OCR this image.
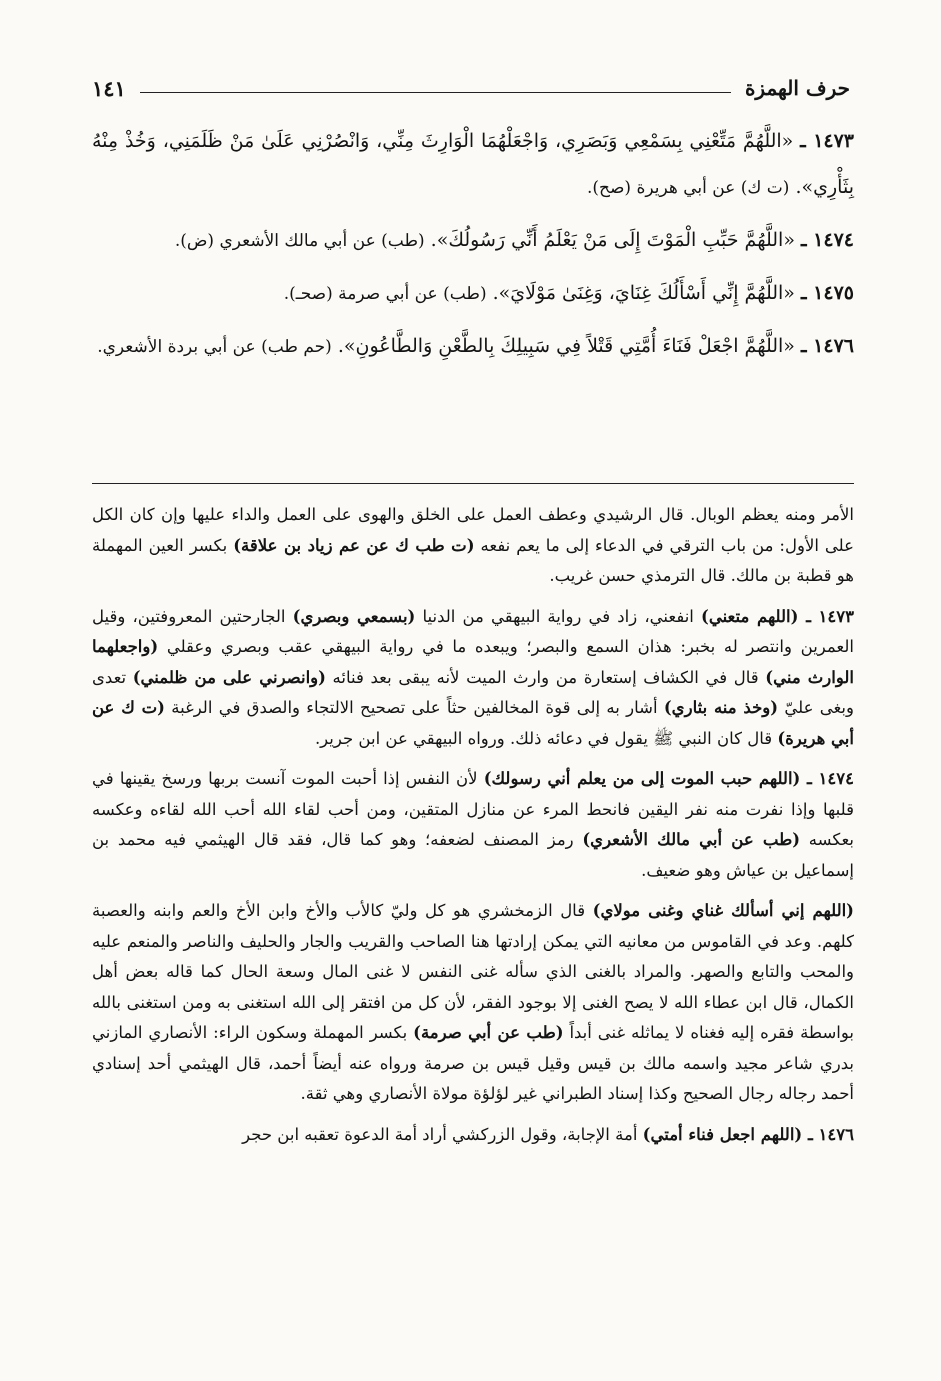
حرف الهمزة
١٤١

١٤٧٣ ـ «اللَّهُمَّ مَتِّعْنِي بِسَمْعِي وَبَصَرِي، وَاجْعَلْهُمَا الْوَارِثَ مِنِّي، وَانْصُرْنِي عَلَىٰ مَنْ ظَلَمَنِي، وَخُذْ مِنْهُ بِثَأْرِي». (ت ك) عن أبي هريرة (صح).

١٤٧٤ ـ «اللَّهُمَّ حَبِّبِ الْمَوْتَ إِلَى مَنْ يَعْلَمُ أَنِّي رَسُولُكَ». (طب) عن أبي مالك الأشعري (ض).

١٤٧٥ ـ «اللَّهُمَّ إِنِّي أَسْأَلُكَ غِنَايَ، وَغِنَىٰ مَوْلَايَ». (طب) عن أبي صرمة (صحـ).

١٤٧٦ ـ «اللَّهُمَّ اجْعَلْ فَنَاءَ أُمَّتِي قَتْلاً فِي سَبِيلِكَ بِالطَّعْنِ وَالطَّاعُونِ». (حم طب) عن أبي بردة الأشعري.

الأمر ومنه يعظم الوبال. قال الرشيدي وعطف العمل على الخلق والهوى على العمل والداء عليها وإن كان الكل على الأول: من باب الترقي في الدعاء إلى ما يعم نفعه (ت طب ك عن عم زياد بن علاقة) بكسر العين المهملة هو قطبة بن مالك. قال الترمذي حسن غريب.

١٤٧٣ ـ (اللهم متعني) انفعني، زاد في رواية البيهقي من الدنيا (بسمعي وبصري) الجارحتين المعروفتين، وقيل العمرين وانتصر له بخبر: هذان السمع والبصر؛ ويبعده ما في رواية البيهقي عقب وبصري وعقلي (واجعلهما الوارث مني) قال في الكشاف إستعارة من وارث الميت لأنه يبقى بعد فنائه (وانصرني على من ظلمني) تعدى وبغى عليّ (وخذ منه بثاري) أشار به إلى قوة المخالفين حثاً على تصحيح الالتجاء والصدق في الرغبة (ت ك عن أبي هريرة) قال كان النبي ﷺ يقول في دعائه ذلك. ورواه البيهقي عن ابن جرير.

١٤٧٤ ـ (اللهم حبب الموت إلى من يعلم أني رسولك) لأن النفس إذا أحبت الموت آنست بربها ورسخ يقينها في قلبها وإذا نفرت منه نفر اليقين فانحط المرء عن منازل المتقين، ومن أحب لقاء الله أحب الله لقاءه وعكسه بعكسه (طب عن أبي مالك الأشعري) رمز المصنف لضعفه؛ وهو كما قال، فقد قال الهيثمي فيه محمد بن إسماعيل بن عياش وهو ضعيف.

(اللهم إني أسألك غناي وغنى مولاي) قال الزمخشري هو كل وليّ كالأب والأخ وابن الأخ والعم وابنه والعصبة كلهم. وعد في القاموس من معانيه التي يمكن إرادتها هنا الصاحب والقريب والجار والحليف والناصر والمنعم عليه والمحب والتابع والصهر. والمراد بالغنى الذي سأله غنى النفس لا غنى المال وسعة الحال كما قاله بعض أهل الكمال، قال ابن عطاء الله لا يصح الغنى إلا بوجود الفقر، لأن كل من افتقر إلى الله استغنى به ومن استغنى بالله بواسطة فقره إليه فغناه لا يماثله غنى أبداً (طب عن أبي صرمة) بكسر المهملة وسكون الراء: الأنصاري المازني بدري شاعر مجيد واسمه مالك بن قيس وقيل قيس بن صرمة ورواه عنه أيضاً أحمد، قال الهيثمي أحد إسنادي أحمد رجاله رجال الصحيح وكذا إسناد الطبراني غير لؤلؤة مولاة الأنصاري وهي ثقة.

١٤٧٦ ـ (اللهم اجعل فناء أمتي) أمة الإجابة، وقول الزركشي أراد أمة الدعوة تعقبه ابن حجر
